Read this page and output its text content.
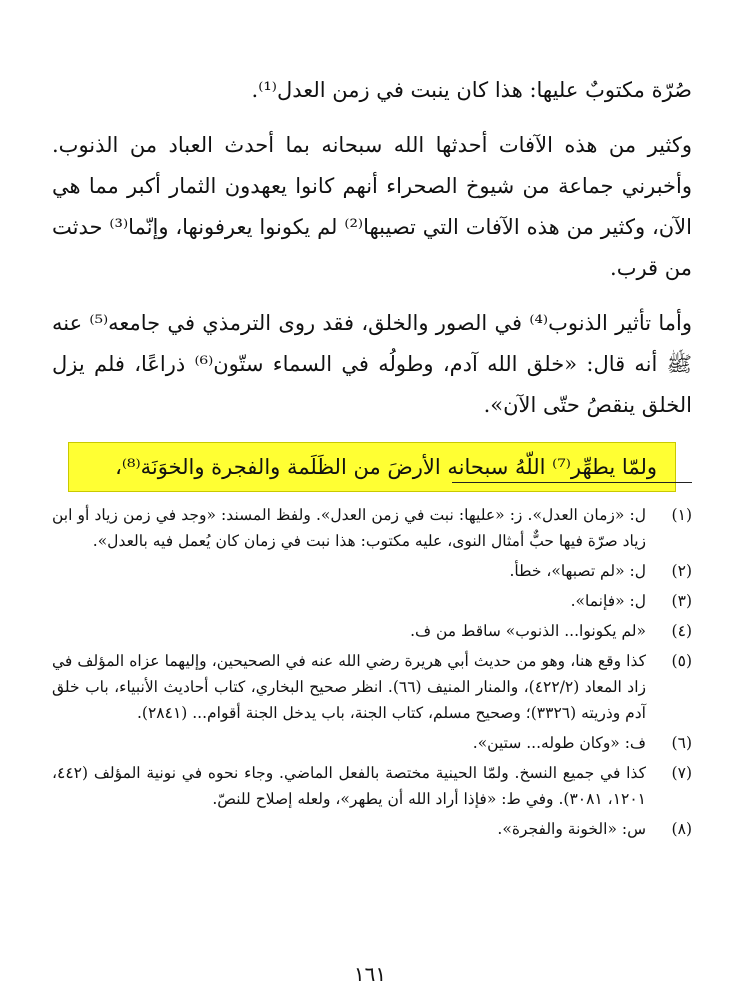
صُرّة مكتوبٌ عليها: هذا كان ينبت في زمن العدل⁽¹⁾.

وكثير من هذه الآفات أحدثها الله سبحانه بما أحدث العباد من الذنوب. وأخبرني جماعة من شيوخ الصحراء أنهم كانوا يعهدون الثمار أكبر مما هي الآن، وكثير من هذه الآفات التي تصيبها⁽²⁾ لم يكونوا يعرفونها، وإنّما⁽³⁾ حدثت من قرب.

وأما تأثير الذنوب⁽⁴⁾ في الصور والخلق، فقد روى الترمذي في جامعه⁽⁵⁾ عنه ﷺ أنه قال: «خلق الله آدم، وطولُه في السماء ستّون⁽⁶⁾ ذراعًا، فلم يزل الخلق ينقصُ حتّى الآن».

ولمّا يطهِّر⁽⁷⁾ اللّهُ سبحانه الأرضَ من الظَلَمة والفجرة والخوَنَة⁽⁸⁾،
(١)
ل: «زمان العدل». ز: «عليها: نبت في زمن العدل». ولفظ المسند: «وجد في زمن زياد أو ابن زياد صرّة فيها حبٌّ أمثال النوى، عليه مكتوب: هذا نبت في زمان كان يُعمل فيه بالعدل».
(٢)
ل: «لم تصبها»، خطأ.
(٣)
ل: «فإنما».
(٤)
«لم يكونوا... الذنوب» ساقط من ف.
(٥)
كذا وقع هنا، وهو من حديث أبي هريرة رضي الله عنه في الصحيحين، وإليهما عزاه المؤلف في زاد المعاد (٤٢٢/٢)، والمنار المنيف (٦٦). انظر صحيح البخاري، كتاب أحاديث الأنبياء، باب خلق آدم وذريته (٣٣٢٦)؛ وصحيح مسلم، كتاب الجنة، باب يدخل الجنة أقوام... (٢٨٤١).
(٦)
ف: «وكان طوله... ستين».
(٧)
كذا في جميع النسخ. ولمّا الحينية مختصة بالفعل الماضي. وجاء نحوه في نونية المؤلف (٤٤٢، ١٢٠١، ٣٠٨١). وفي ط: «فإذا أراد الله أن يطهر»، ولعله إصلاح للنصّ.
(٨)
س: «الخونة والفجرة».
١٦١
